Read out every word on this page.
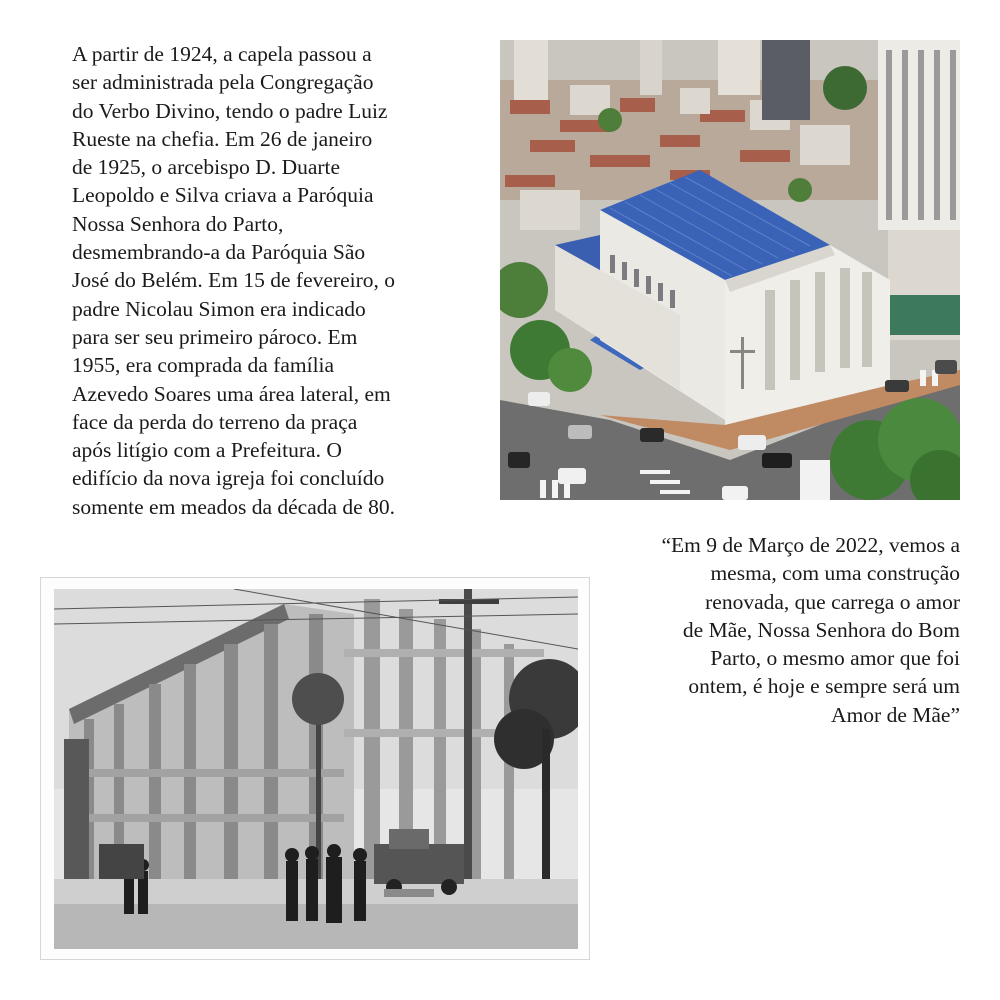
A partir de 1924, a capela passou a
ser administrada pela Congregação
do Verbo Divino, tendo o padre Luiz
Rueste na chefia. Em 26 de janeiro
de 1925, o arcebispo D. Duarte
Leopoldo e Silva criava a Paróquia
Nossa Senhora do Parto,
desmembrando-a da Paróquia São
José do Belém. Em 15 de fevereiro, o
padre Nicolau Simon era indicado
para ser seu primeiro pároco. Em
1955, era comprada da família
Azevedo Soares uma área lateral, em
face da perda do terreno da praça
após litígio com a Prefeitura. O
edifício da nova igreja foi concluído
somente em meados da década de 80.
“Em 9 de Março de 2022, vemos a
mesma, com uma construção
renovada, que carrega o amor
de Mãe, Nossa Senhora do Bom
Parto, o mesmo amor que foi
ontem, é hoje e sempre será um
Amor de Mãe”
